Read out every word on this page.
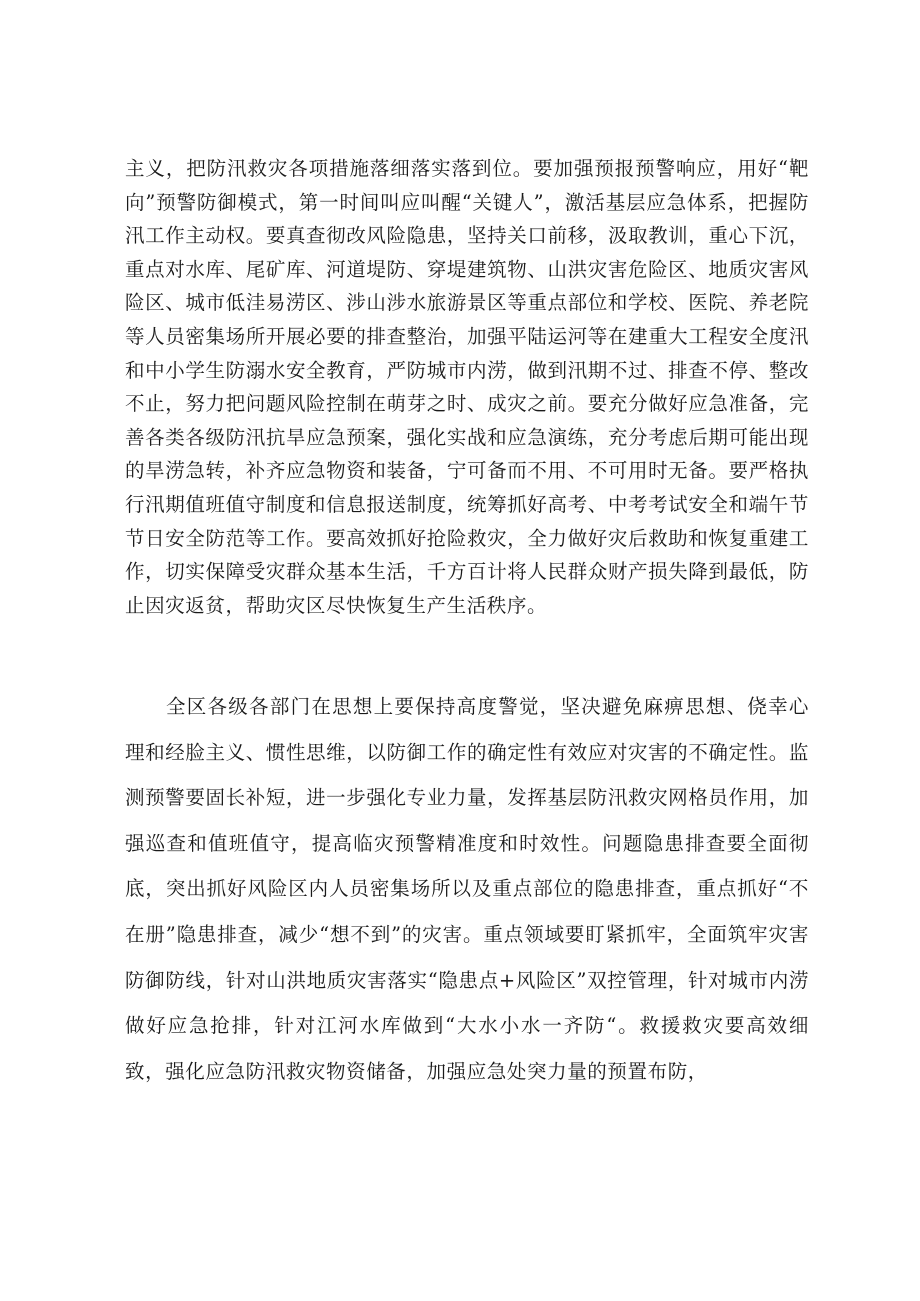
主义，把防汛救灾各项措施落细落实落到位。要加强预报预警响应，用好“靶向”预警防御模式，第一时间叫应叫醒“关键人”，激活基层应急体系，把握防汛工作主动权。要真查彻改风险隐患，坚持关口前移，汲取教训，重心下沉，重点对水库、尾矿库、河道堤防、穿堤建筑物、山洪灾害危险区、地质灾害风险区、城市低洼易涝区、涉山涉水旅游景区等重点部位和学校、医院、养老院等人员密集场所开展必要的排查整治，加强平陆运河等在建重大工程安全度汛和中小学生防溺水安全教育，严防城市内涝，做到汛期不过、排查不停、整改不止，努力把问题风险控制在萌芽之时、成灾之前。要充分做好应急准备，完善各类各级防汛抗旱应急预案，强化实战和应急演练，充分考虑后期可能出现的旱涝急转，补齐应急物资和装备，宁可备而不用、不可用时无备。要严格执行汛期值班值守制度和信息报送制度，统筹抓好高考、中考考试安全和端午节节日安全防范等工作。要高效抓好抢险救灾，全力做好灾后救助和恢复重建工作，切实保障受灾群众基本生活，千方百计将人民群众财产损失降到最低，防止因灾返贫，帮助灾区尽快恢复生产生活秩序。

全区各级各部门在思想上要保持高度警觉，坚决避免麻痹思想、侥幸心理和经脸主义、惯性思维，以防御工作的确定性有效应对灾害的不确定性。监测预警要固长补短，进一步强化专业力量，发挥基层防汛救灾网格员作用，加强巡查和值班值守，提高临灾预警精准度和时效性。问题隐患排查要全面彻底，突出抓好风险区内人员密集场所以及重点部位的隐患排查，重点抓好“不在册”隐患排查，减少“想不到”的灾害。重点领域要盯紧抓牢，全面筑牢灾害防御防线，针对山洪地质灾害落实“隐患点+风险区”双控管理，针对城市内涝做好应急抢排，针对江河水库做到“大水小水一齐防“。救援救灾要高效细致，强化应急防汛救灾物资储备，加强应急处突力量的预置布防，
